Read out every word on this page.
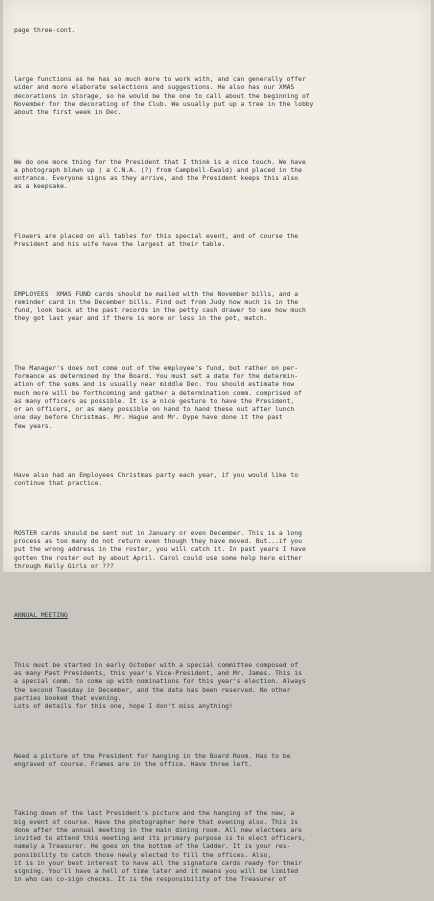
page three-cont.

large functions as he has so much more to work with, and can generally offer
wider and more elaborate selections and suggestions. He also has our XMAS
decorations in storage, so he would be the one to call about the beginning of
November for the decorating of the Club. We usually put up a tree in the lobby
about the first week in Dec.

We do one more thing for the President that I think is a nice touch. We have
a photograph blown up ( a C.N.A. (?) from Campbell-Ewald) and placed in the
entrance. Everyone signs as they arrive, and the President keeps this also
as a keepsake.

Flowers are placed on all tables for this special event, and of course the
President and his wife have the largest at their table.

EMPLOYEES  XMAS FUND cards should be mailed with the November bills, and a
reminder card in the December bills. Find out from Judy how much is in the
fund, look back at the past records in the petty cash drawer to see how much
they got last year and if there is more or less in the pot, match.

The Manager's does not come out of the employee's fund, but rather on per-
formance as determined by the Board. You must set a date for the determin-
ation of the sums and is usually near middle Dec. You should estimate how
much more will be forthcoming and gather a determination comm. comprised of
as many officers as possible. It is a nice gesture to have the President,
or an officers, or as many possible on hand to hand these out after lunch
one day before Christmas. Mr. Hague and Mr. Dype have done it the past
few years.

Have also had an Employees Christmas party each year, if you would like to
continue that practice.

ROSTER cards should be sent out in January or even December. This is a long
process as too many do not return even though they have moved. But...if you
put the wrong address in the roster, you will catch it. In past years I have
gotten the roster out by about April. Carol could use some help here either
through Kelly Girls or ???

ANNUAL MEETING

This must be started in early October with a special committee composed of
as many Past Presidents, this year's Vice-President, and Mr. James. This is
a special comm. to come up with nominations for this year's election. Always
the second Tuesday in December, and the date has been reserved. No other
parties booked that evening.
Lots of details for this one, hope I don't miss anything!

Need a picture of the President for hanging in the Board Room. Has to be
engraved of course. Frames are in the office. Have three left.

Taking down of the last President's picture and the hanging of the new, a
big event of course. Have the photographer here that evening also. This is
done after the annual meeting in the main dining room. All new electees are
invited to attend this meeting and its primary purpose is to elect officers,
namely a Treasurer. He goes on the bottom of the ladder. It is your res-
ponsibility to catch those newly elected to fill the offices. Also,
it is in your best interest to have all the signature cards ready for their
signing. You'll have a hell of time later and it means you will be limited
in who can co-sign checks. It is the responsibility of the Treasurer of
